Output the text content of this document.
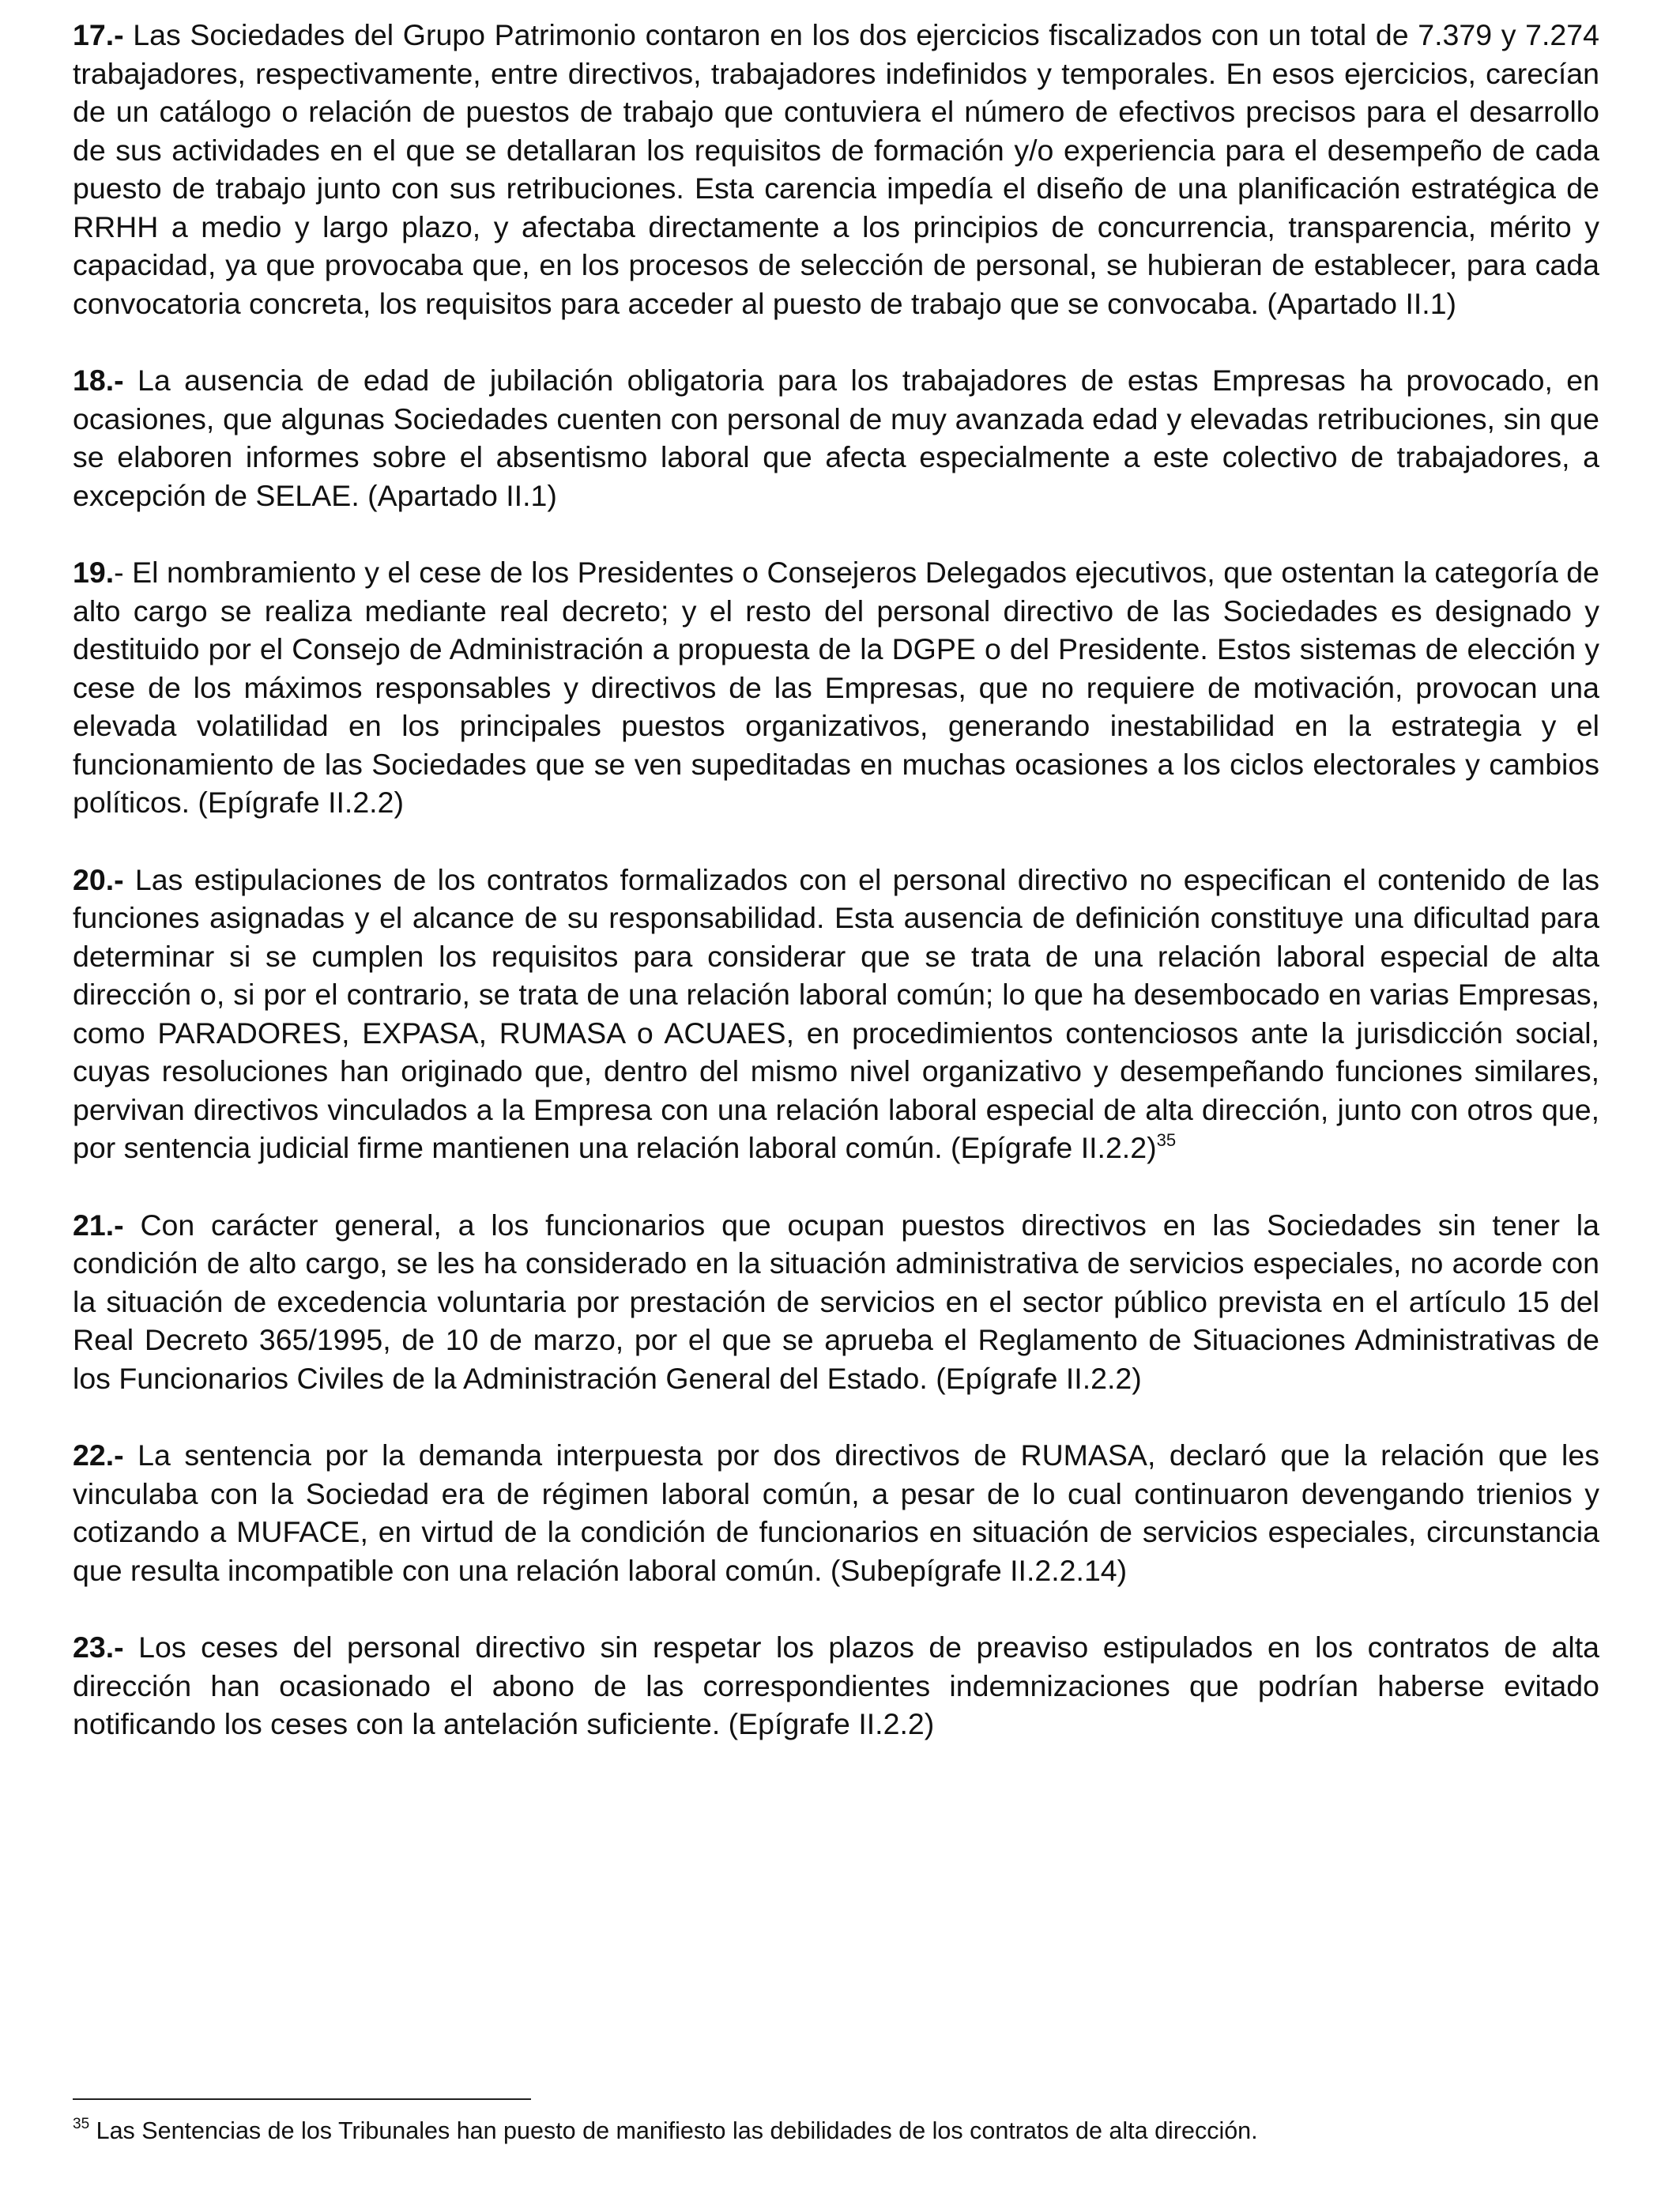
17.- Las Sociedades del Grupo Patrimonio contaron en los dos ejercicios fiscalizados con un total de 7.379 y 7.274 trabajadores, respectivamente, entre directivos, trabajadores indefinidos y temporales. En esos ejercicios, carecían de un catálogo o relación de puestos de trabajo que contuviera el número de efectivos precisos para el desarrollo de sus actividades en el que se detallaran los requisitos de formación y/o experiencia para el desempeño de cada puesto de trabajo junto con sus retribuciones. Esta carencia impedía el diseño de una planificación estratégica de RRHH a medio y largo plazo, y afectaba directamente a los principios de concurrencia, transparencia, mérito y capacidad, ya que provocaba que, en los procesos de selección de personal, se hubieran de establecer, para cada convocatoria concreta, los requisitos para acceder al puesto de trabajo que se convocaba. (Apartado II.1)

18.- La ausencia de edad de jubilación obligatoria para los trabajadores de estas Empresas ha provocado, en ocasiones, que algunas Sociedades cuenten con personal de muy avanzada edad y elevadas retribuciones, sin que se elaboren informes sobre el absentismo laboral que afecta especialmente a este colectivo de trabajadores, a excepción de SELAE. (Apartado II.1)

19.- El nombramiento y el cese de los Presidentes o Consejeros Delegados ejecutivos, que ostentan la categoría de alto cargo se realiza mediante real decreto; y el resto del personal directivo de las Sociedades es designado y destituido por el Consejo de Administración a propuesta de la DGPE o del Presidente. Estos sistemas de elección y cese de los máximos responsables y directivos de las Empresas, que no requiere de motivación, provocan una elevada volatilidad en los principales puestos organizativos, generando inestabilidad en la estrategia y el funcionamiento de las Sociedades que se ven supeditadas en muchas ocasiones a los ciclos electorales y cambios políticos. (Epígrafe II.2.2)

20.- Las estipulaciones de los contratos formalizados con el personal directivo no especifican el contenido de las funciones asignadas y el alcance de su responsabilidad. Esta ausencia de definición constituye una dificultad para determinar si se cumplen los requisitos para considerar que se trata de una relación laboral especial de alta dirección o, si por el contrario, se trata de una relación laboral común; lo que ha desembocado en varias Empresas, como PARADORES, EXPASA, RUMASA o ACUAES, en procedimientos contenciosos ante la jurisdicción social, cuyas resoluciones han originado que, dentro del mismo nivel organizativo y desempeñando funciones similares, pervivan directivos vinculados a la Empresa con una relación laboral especial de alta dirección, junto con otros que, por sentencia judicial firme mantienen una relación laboral común. (Epígrafe II.2.2)$^{35}$

21.- Con carácter general, a los funcionarios que ocupan puestos directivos en las Sociedades sin tener la condición de alto cargo, se les ha considerado en la situación administrativa de servicios especiales, no acorde con la situación de excedencia voluntaria por prestación de servicios en el sector público prevista en el artículo 15 del Real Decreto 365/1995, de 10 de marzo, por el que se aprueba el Reglamento de Situaciones Administrativas de los Funcionarios Civiles de la Administración General del Estado. (Epígrafe II.2.2)

22.- La sentencia por la demanda interpuesta por dos directivos de RUMASA, declaró que la relación que les vinculaba con la Sociedad era de régimen laboral común, a pesar de lo cual continuaron devengando trienios y cotizando a MUFACE, en virtud de la condición de funcionarios en situación de servicios especiales, circunstancia que resulta incompatible con una relación laboral común. (Subepígrafe II.2.2.14)

23.- Los ceses del personal directivo sin respetar los plazos de preaviso estipulados en los contratos de alta dirección han ocasionado el abono de las correspondientes indemnizaciones que podrían haberse evitado notificando los ceses con la antelación suficiente. (Epígrafe II.2.2)

$^{35}$ Las Sentencias de los Tribunales han puesto de manifiesto las debilidades de los contratos de alta dirección.
